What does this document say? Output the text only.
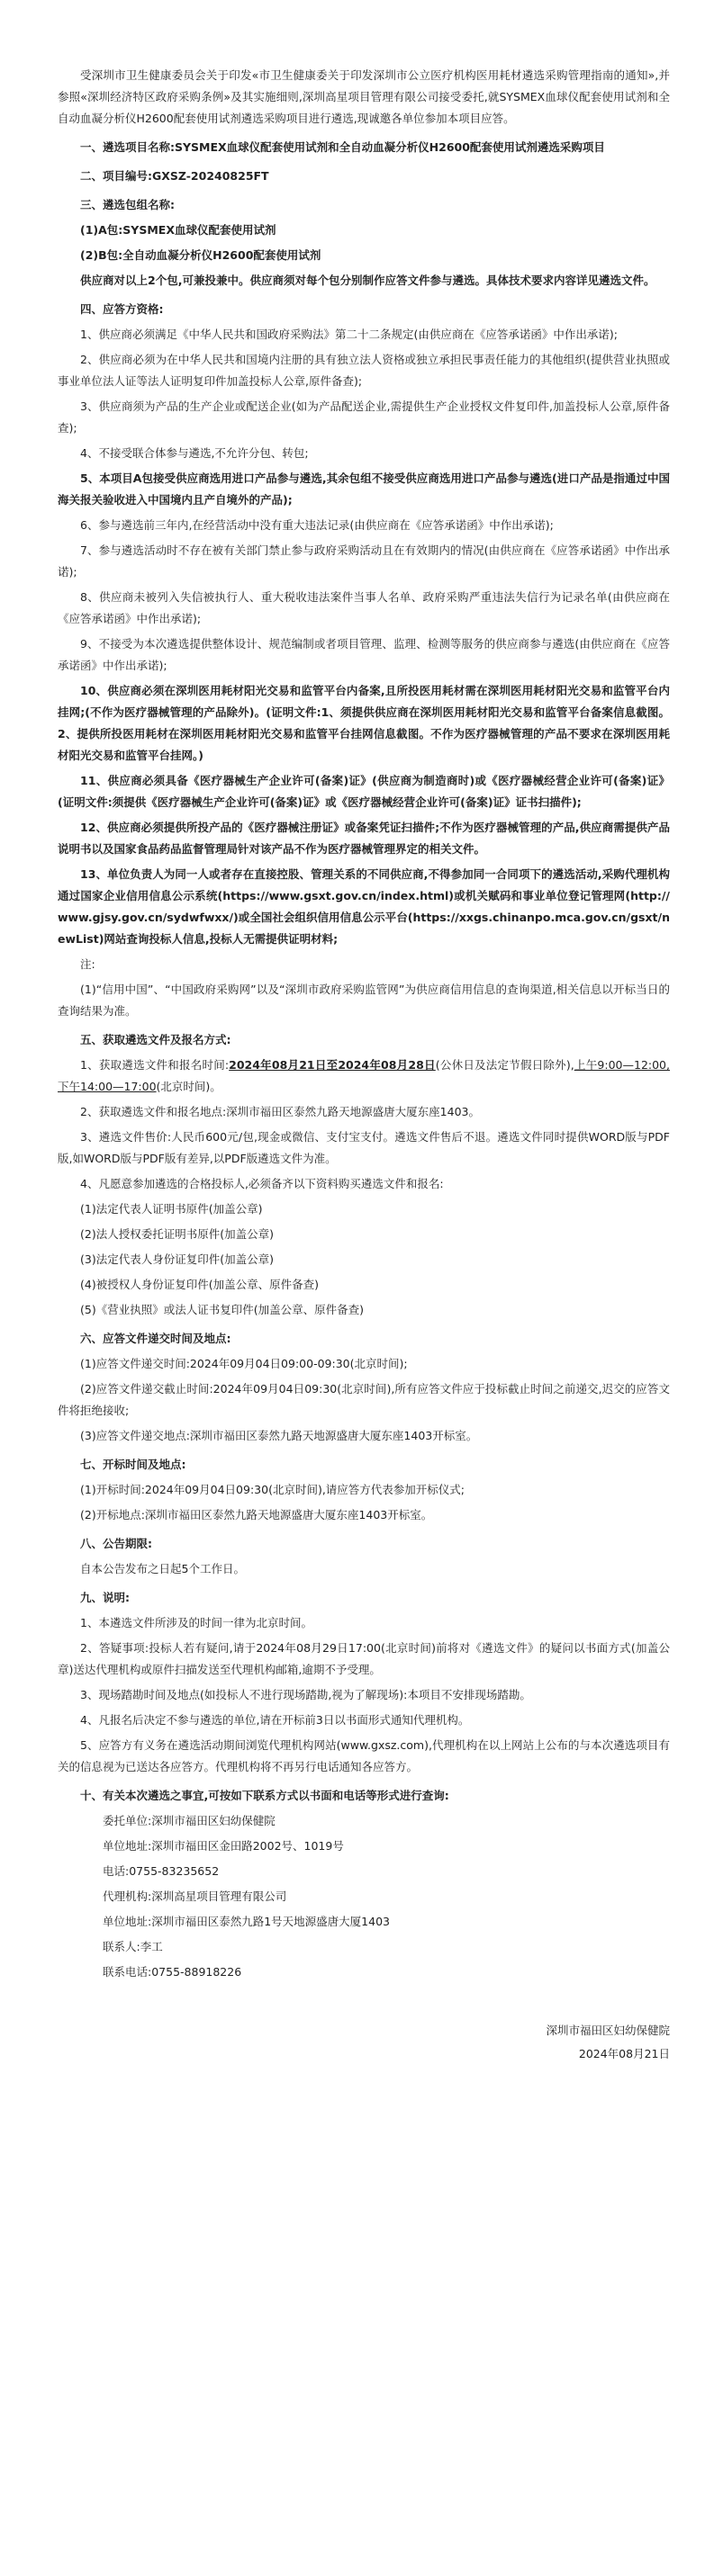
受深圳市卫生健康委员会关于印发«市卫生健康委关于印发深圳市公立医疗机构医用耗材遴选采购管理指南的通知»,并参照«深圳经济特区政府采购条例»及其实施细则,深圳高星项目管理有限公司接受委托,就SYSMEX血球仪配套使用试剂和全自动血凝分析仪H2600配套使用试剂遴选采购项目进行遴选,现诚邀各单位参加本项目应答。

一、遴选项目名称:SYSMEX血球仪配套使用试剂和全自动血凝分析仪H2600配套使用试剂遴选采购项目

二、项目编号:GXSZ-20240825FT

三、遴选包组名称:

(1)A包:SYSMEX血球仪配套使用试剂

(2)B包:全自动血凝分析仪H2600配套使用试剂

供应商对以上2个包,可兼投兼中。供应商须对每个包分别制作应答文件参与遴选。具体技术要求内容详见遴选文件。

四、应答方资格:

1、供应商必须满足《中华人民共和国政府采购法》第二十二条规定(由供应商在《应答承诺函》中作出承诺);

2、供应商必须为在中华人民共和国境内注册的具有独立法人资格或独立承担民事责任能力的其他组织(提供营业执照或事业单位法人证等法人证明复印件加盖投标人公章,原件备查);

3、供应商须为产品的生产企业或配送企业(如为产品配送企业,需提供生产企业授权文件复印件,加盖投标人公章,原件备查);

4、不接受联合体参与遴选,不允许分包、转包;

5、本项目A包接受供应商选用进口产品参与遴选,其余包组不接受供应商选用进口产品参与遴选(进口产品是指通过中国海关报关验收进入中国境内且产自境外的产品);

6、参与遴选前三年内,在经营活动中没有重大违法记录(由供应商在《应答承诺函》中作出承诺);

7、参与遴选活动时不存在被有关部门禁止参与政府采购活动且在有效期内的情况(由供应商在《应答承诺函》中作出承诺);

8、供应商未被列入失信被执行人、重大税收违法案件当事人名单、政府采购严重违法失信行为记录名单(由供应商在《应答承诺函》中作出承诺);

9、不接受为本次遴选提供整体设计、规范编制或者项目管理、监理、检测等服务的供应商参与遴选(由供应商在《应答承诺函》中作出承诺);

10、供应商必须在深圳医用耗材阳光交易和监管平台内备案,且所投医用耗材需在深圳医用耗材阳光交易和监管平台内挂网;(不作为医疗器械管理的产品除外)。(证明文件:1、须提供供应商在深圳医用耗材阳光交易和监管平台备案信息截图。2、提供所投医用耗材在深圳医用耗材阳光交易和监管平台挂网信息截图。不作为医疗器械管理的产品不要求在深圳医用耗材阳光交易和监管平台挂网。)

11、供应商必须具备《医疗器械生产企业许可(备案)证》(供应商为制造商时)或《医疗器械经营企业许可(备案)证》(证明文件:须提供《医疗器械生产企业许可(备案)证》或《医疗器械经营企业许可(备案)证》证书扫描件);

12、供应商必须提供所投产品的《医疗器械注册证》或备案凭证扫描件;不作为医疗器械管理的产品,供应商需提供产品说明书以及国家食品药品监督管理局针对该产品不作为医疗器械管理界定的相关文件。

13、单位负责人为同一人或者存在直接控股、管理关系的不同供应商,不得参加同一合同项下的遴选活动,采购代理机构通过国家企业信用信息公示系统(https://www.gsxt.gov.cn/index.html)或机关赋码和事业单位登记管理网(http://www.gjsy.gov.cn/sydwfwxx/)或全国社会组织信用信息公示平台(https://xxgs.chinanpo.mca.gov.cn/gsxt/newList)网站查询投标人信息,投标人无需提供证明材料;

注:

(1)“信用中国”、“中国政府采购网”以及“深圳市政府采购监管网”为供应商信用信息的查询渠道,相关信息以开标当日的查询结果为准。

五、获取遴选文件及报名方式:

1、获取遴选文件和报名时间:2024年08月21日至2024年08月28日(公休日及法定节假日除外),上午9:00—12:00,下午14:00—17:00(北京时间)。

2、获取遴选文件和报名地点:深圳市福田区泰然九路天地源盛唐大厦东座1403。

3、遴选文件售价:人民币600元/包,现金或微信、支付宝支付。遴选文件售后不退。遴选文件同时提供WORD版与PDF版,如WORD版与PDF版有差异,以PDF版遴选文件为准。

4、凡愿意参加遴选的合格投标人,必须备齐以下资料购买遴选文件和报名:

(1)法定代表人证明书原件(加盖公章)

(2)法人授权委托证明书原件(加盖公章)

(3)法定代表人身份证复印件(加盖公章)

(4)被授权人身份证复印件(加盖公章、原件备查)

(5)《营业执照》或法人证书复印件(加盖公章、原件备查)

六、应答文件递交时间及地点:

(1)应答文件递交时间:2024年09月04日09:00-09:30(北京时间);

(2)应答文件递交截止时间:2024年09月04日09:30(北京时间),所有应答文件应于投标截止时间之前递交,迟交的应答文件将拒绝接收;

(3)应答文件递交地点:深圳市福田区泰然九路天地源盛唐大厦东座1403开标室。

七、开标时间及地点:

(1)开标时间:2024年09月04日09:30(北京时间),请应答方代表参加开标仪式;

(2)开标地点:深圳市福田区泰然九路天地源盛唐大厦东座1403开标室。

八、公告期限:

自本公告发布之日起5个工作日。

九、说明:

1、本遴选文件所涉及的时间一律为北京时间。

2、答疑事项:投标人若有疑问,请于2024年08月29日17:00(北京时间)前将对《遴选文件》的疑问以书面方式(加盖公章)送达代理机构或原件扫描发送至代理机构邮箱,逾期不予受理。

3、现场踏勘时间及地点(如投标人不进行现场踏勘,视为了解现场):本项目不安排现场踏勘。

4、凡报名后决定不参与遴选的单位,请在开标前3日以书面形式通知代理机构。

5、应答方有义务在遴选活动期间浏览代理机构网站(www.gxsz.com),代理机构在以上网站上公布的与本次遴选项目有关的信息视为已送达各应答方。代理机构将不再另行电话通知各应答方。

十、有关本次遴选之事宜,可按如下联系方式以书面和电话等形式进行查询:

委托单位:深圳市福田区妇幼保健院

单位地址:深圳市福田区金田路2002号、1019号

电话:0755-83235652

代理机构:深圳高星项目管理有限公司

单位地址:深圳市福田区泰然九路1号天地源盛唐大厦1403

联系人:李工

联系电话:0755-88918226

深圳市福田区妇幼保健院
2024年08月21日
